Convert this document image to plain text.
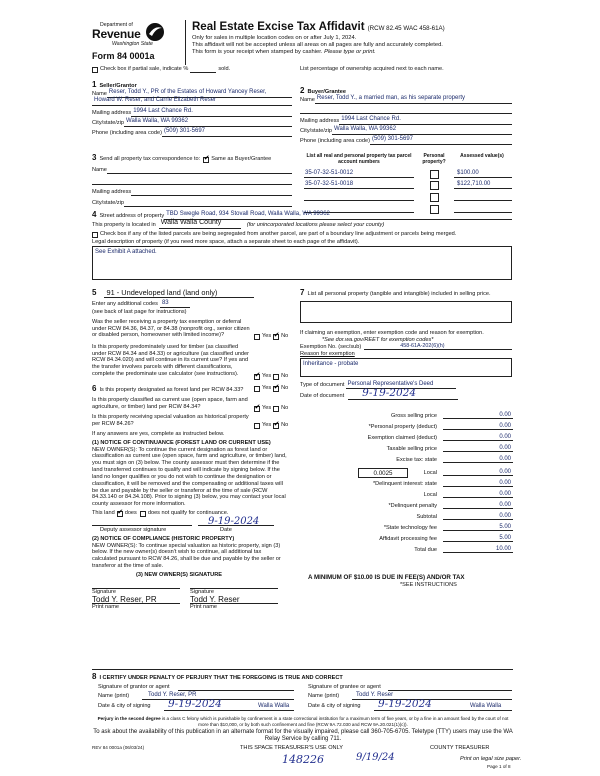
Department of
Revenue
Washington State
Form 84 0001a
Real Estate Excise Tax Affidavit (RCW 82.45 WAC 458-61A)
Only for sales in multiple location codes on or after July 1, 2024.
This affidavit will not be accepted unless all areas on all pages are fully and accurately completed.
This form is your receipt when stamped by cashier. Please type or print.
Check box if partial sale, indicate %	sold.	List percentage of ownership acquired next to each name.
1 Seller/Grantor
Name Reser, Todd Y., PR of the Estates of Howard Yancey Reser,
Howard W. Reser, and Carrie Elizabeth Reser
Mailing address 1994 Last Chance Rd.
City/state/zip Walla Walla, WA 99362
Phone (including area code) (509) 301-5697
2 Buyer/Grantee
Name Reser, Todd Y., a married man, as his separate property
Mailing address 1994 Last Chance Rd.
City/state/zip Walla Walla, WA 99362
Phone (including area code) (509) 301-5697
3 Send all property tax correspondence to: ✔ Same as Buyer/Grantee
Name
Mailing address
City/state/zip
List all real and personal property tax parcel account numbers
Personal property?
Assessed value(s)
35-07-32-51-0012	$100.00
35-07-32-51-0018	$122,710.00
4 Street address of property TBD Swegle Road, 934 Stovall Road, Walla Walla, WA 99362
This property is located in Walla Walla County	(for unincorporated locations please select your county)
Check box if any of the listed parcels are being segregated from another parcel, are part of a boundary line adjustment or parcels being merged.
Legal description of property (if you need more space, attach a separate sheet to each page of the affidavit).
See Exhibit A attached.
5 91 - Undeveloped land (land only)
Enter any additional codes 83
(see back of last page for instructions)
Was the seller receiving a property tax exemption or deferral under RCW 84.36, 84.37, or 84.38 (nonprofit org., senior citizen or disabled person, homeowner with limited income)?	Yes ✔ No
Is this property predominately used for timber (as classified under RCW 84.34 and 84.33) or agriculture (as classified under RCW 84.34.020) and will continue in its current use? If yes and the transfer involves parcels with different classifications, complete the predominate use calculator (see instructions). ✔	Yes No
6 Is this property designated as forest land per RCW 84.33?	Yes ✔ No
Is this property classified as current use (open space, farm and agriculture, or timber) land per RCW 84.34? ✔	Yes No
Is this property receiving special valuation as historical property per RCW 84.26?	Yes ✔ No
If any answers are yes, complete as instructed below.
(1) NOTICE OF CONTINUANCE (FOREST LAND OR CURRENT USE)
NEW OWNER(S): To continue the current designation as forest land or classification as current use (open space, farm and agriculture, or timber) land, you must sign on (3) below. The county assessor must then determine if the land transferred continues to qualify and will indicate by signing below. If the land no longer qualifies or you do not wish to continue the designation or classification, it will be removed and the compensating or additional taxes will be due and payable by the seller or transferor at the time of sale (RCW 84.33.140 or 84.34.108). Prior to signing (3) below, you may contact your local county assessor for more information.
This land ✔ does does not qualify for continuance.
9-19-2024
Deputy assessor signature	Date
(2) NOTICE OF COMPLIANCE (HISTORIC PROPERTY)
NEW OWNER(S): To continue special valuation as historic property, sign (3) below. If the new owner(s) doesn't wish to continue, all additional tax calculated pursuant to RCW 84.26, shall be due and payable by the seller or transferor at the time of sale.
(3) NEW OWNER(S) SIGNATURE
Signature	Signature
Todd Y. Reser, PR	Todd Y. Reser
Print name	Print name
7 List all personal property (tangible and intangible) included in selling price.
If claiming an exemption, enter exemption code and reason for exemption.
*See dor.wa.gov/REET for exemption codes*
Exemption No. (sec/sub)	458-61A-202(6)(h)
Reason for exemption
Inheritance - probate
Type of document Personal Representative's Deed
Date of document 9-19-2024
Gross selling price	0.00
*Personal property (deduct)	0.00
Exemption claimed (deduct)	0.00
Taxable selling price	0.00
Excise tax: state	0.00
0.0025	Local	0.00
*Delinquent interest: state	0.00
Local	0.00
*Delinquent penalty	0.00
Subtotal	0.00
*State technology fee	5.00
Affidavit processing fee	5.00
Total due	10.00
A MINIMUM OF $10.00 IS DUE IN FEE(S) AND/OR TAX
*SEE INSTRUCTIONS
8 I CERTIFY UNDER PENALTY OF PERJURY THAT THE FOREGOING IS TRUE AND CORRECT
Signature of grantor or agent
Name (print)	Todd Y. Reser, PR
Date & city of signing 9-19-2024	Walla Walla
Signature of grantee or agent
Name (print)	Todd Y. Reser
Date & city of signing 9-19-2024	Walla Walla
Perjury in the second degree is a class C felony which is punishable by confinement in a state correctional institution for a maximum term of five years, or by a fine in an amount fixed by the court of not more than $10,000, or by both such confinement and fine (RCW 9A.72.030 and RCW 9A.20.021(1)(c)).
To ask about the availability of this publication in an alternate format for the visually impaired, please call 360-705-6705. Teletype (TTY) users may use the WA Relay Service by calling 711.
REV 84 0001a (06/03/24)	THIS SPACE TREASURER'S USE ONLY	COUNTY TREASURER
148226	9/19/24	Print on legal size paper.
Page 1 of 8
